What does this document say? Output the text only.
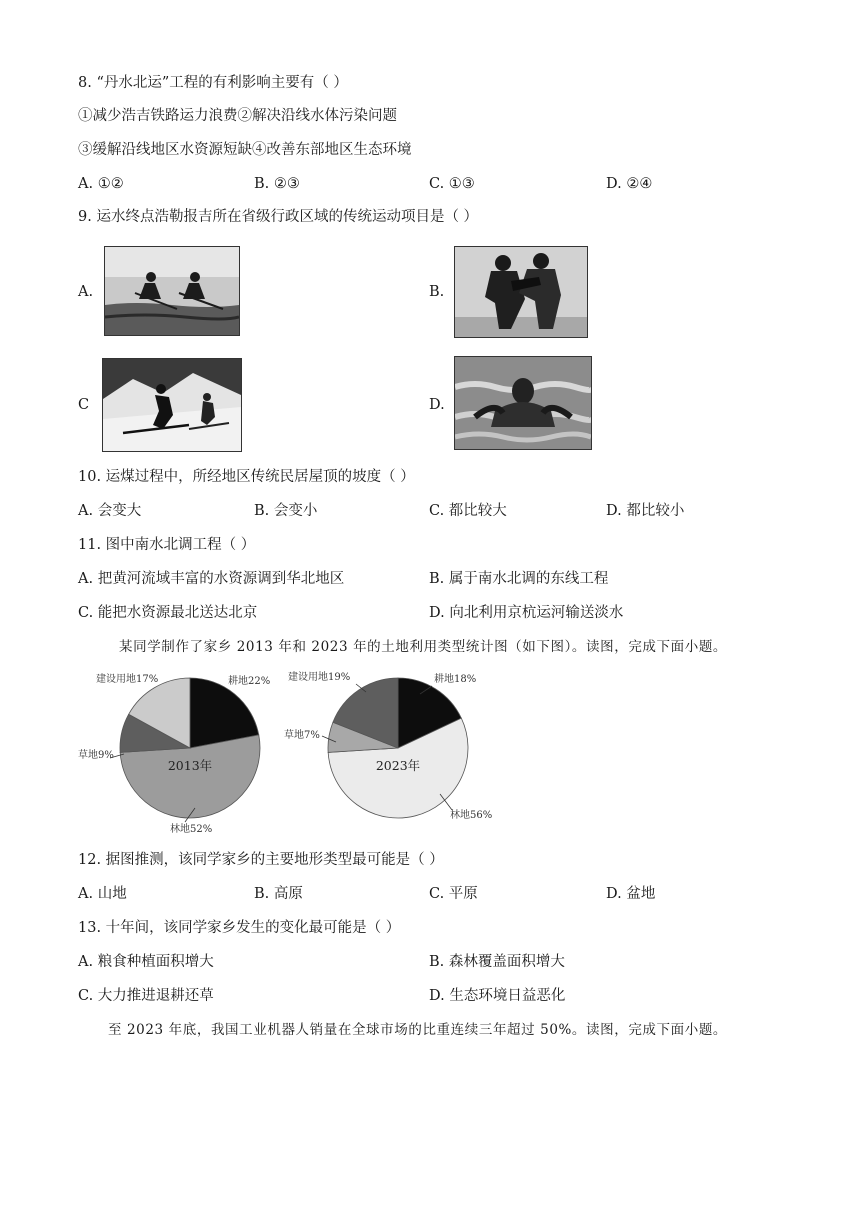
8. “丹水北运”工程的有利影响主要有（ ）
①减少浩吉铁路运力浪费②解决沿线水体污染问题
③缓解沿线地区水资源短缺④改善东部地区生态环境
A. ①②	B. ②③	C. ①③	D. ②④
9. 运水终点浩勒报吉所在省级行政区域的传统运动项目是（ ）
A.	B.
C	D.
10. 运煤过程中，所经地区传统民居屋顶的坡度（ ）
A. 会变大	B. 会变小	C. 都比较大	D. 都比较小
11. 图中南水北调工程（ ）
A. 把黄河流域丰富的水资源调到华北地区	B. 属于南水北调的东线工程
C. 能把水资源最北送达北京	D. 向北利用京杭运河输送淡水
某同学制作了家乡 2013 年和 2023 年的土地利用类型统计图（如下图）。读图，完成下面小题。
耕地22%
林地52%
草地9%
建设用地17%
2013年
耕地18%
林地56%
草地7%
建设用地19%
2023年
12. 据图推测，该同学家乡的主要地形类型最可能是（ ）
A. 山地	B. 高原	C. 平原	D. 盆地
13. 十年间，该同学家乡发生的变化最可能是（ ）
A. 粮食种植面积增大	B. 森林覆盖面积增大
C. 大力推进退耕还草	D. 生态环境日益恶化
至 2023 年底，我国工业机器人销量在全球市场的比重连续三年超过 50%。读图，完成下面小题。
